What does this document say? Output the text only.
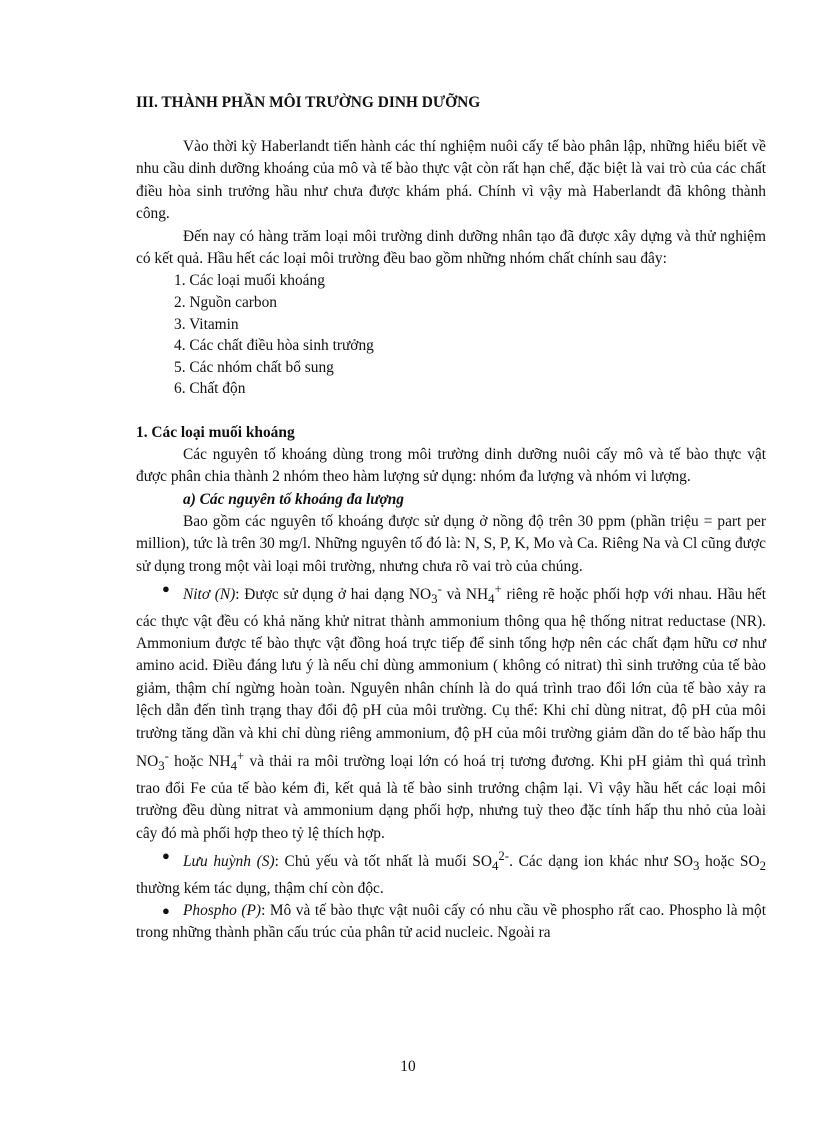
III. THÀNH PHẦN MÔI TRƯỜNG DINH DƯỠNG

Vào thời kỳ Haberlandt tiến hành các thí nghiệm nuôi cấy tế bào phân lập, những hiểu biết về nhu cầu dinh dưỡng khoáng của mô và tế bào thực vật còn rất hạn chế, đặc biệt là vai trò của các chất điều hòa sinh trưởng hầu như chưa được khám phá. Chính vì vậy mà Haberlandt đã không thành công.

Đến nay có hàng trăm loại môi trường dinh dưỡng nhân tạo đã được xây dựng và thử nghiệm có kết quả. Hầu hết các loại môi trường đều bao gồm những nhóm chất chính sau đây:

1. Các loại muối khoáng
2. Nguồn carbon
3. Vitamin
4. Các chất điều hòa sinh trưởng
5. Các nhóm chất bổ sung
6. Chất độn
1. Các loại muối khoáng

Các nguyên tố khoáng dùng trong môi trường dinh dưỡng nuôi cấy mô và tế bào thực vật được phân chia thành 2 nhóm theo hàm lượng sử dụng: nhóm đa lượng và nhóm vi lượng.

a) Các nguyên tố khoáng đa lượng

Bao gồm các nguyên tố khoáng được sử dụng ở nồng độ trên 30 ppm (phần triệu = part per million), tức là trên 30 mg/l. Những nguyên tố đó là: N, S, P, K, Mo và Ca. Riêng Na và Cl cũng được sử dụng trong một vài loại môi trường, nhưng chưa rõ vai trò của chúng.

● Nitơ (N): Được sử dụng ở hai dạng $NO_3^-$ và $NH_4^+$ riêng rẽ hoặc phối hợp với nhau. Hầu hết các thực vật đều có khả năng khử nitrat thành ammonium thông qua hệ thống nitrat reductase (NR). Ammonium được tế bào thực vật đồng hoá trực tiếp để sinh tổng hợp nên các chất đạm hữu cơ như amino acid. Điều đáng lưu ý là nếu chỉ dùng ammonium ( không có nitrat) thì sinh trưởng của tế bào giảm, thậm chí ngừng hoàn toàn. Nguyên nhân chính là do quá trình trao đổi lớn của tế bào xảy ra lệch dẫn đến tình trạng thay đổi độ pH của môi trường. Cụ thể: Khi chỉ dùng nitrat, độ pH của môi trường tăng dần và khi chỉ dùng riêng ammonium, độ pH của môi trường giảm dần do tế bào hấp thu $NO_3^-$ hoặc $NH_4^+$ và thải ra môi trường loại lớn có hoá trị tương đương. Khi pH giảm thì quá trình trao đổi Fe của tế bào kém đi, kết quả là tế bào sinh trưởng chậm lại. Vì vậy hầu hết các loại môi trường đều dùng nitrat và ammonium dạng phối hợp, nhưng tuỳ theo đặc tính hấp thu nhỏ của loài cây đó mà phối hợp theo tỷ lệ thích hợp.

● Lưu huỳnh (S): Chủ yếu và tốt nhất là muối $SO_4^{2-}$. Các dạng ion khác như $SO_3$ hoặc $SO_2$ thường kém tác dụng, thậm chí còn độc.

● Phospho (P): Mô và tế bào thực vật nuôi cấy có nhu cầu về phospho rất cao. Phospho là một trong những thành phần cấu trúc của phân tử acid nucleic. Ngoài ra

10
